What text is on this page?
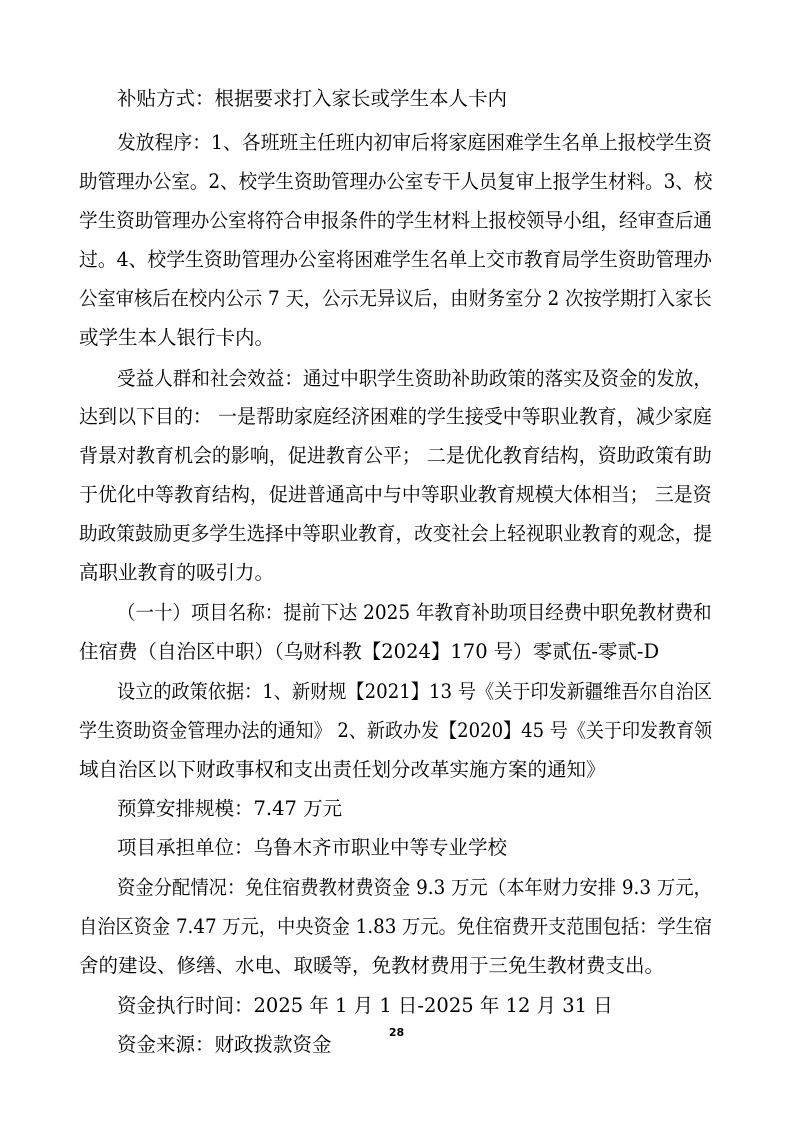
补贴方式：根据要求打入家长或学生本人卡内
发放程序：1、各班班主任班内初审后将家庭困难学生名单上报校学生资
助管理办公室。2、校学生资助管理办公室专干人员复审上报学生材料。3、校
学生资助管理办公室将符合申报条件的学生材料上报校领导小组，经审查后通
过。4、校学生资助管理办公室将困难学生名单上交市教育局学生资助管理办
公室审核后在校内公示 7 天，公示无异议后，由财务室分 2 次按学期打入家长
或学生本人银行卡内。
受益人群和社会效益：通过中职学生资助补助政策的落实及资金的发放，
达到以下目的： 一是帮助家庭经济困难的学生接受中等职业教育，减少家庭
背景对教育机会的影响，促进教育公平； 二是优化教育结构，资助政策有助
于优化中等教育结构，促进普通高中与中等职业教育规模大体相当； 三是资
助政策鼓励更多学生选择中等职业教育，改变社会上轻视职业教育的观念，提
高职业教育的吸引力。
（一十）项目名称：提前下达 2025 年教育补助项目经费中职免教材费和
住宿费（自治区中职）（乌财科教【2024】170 号）零贰伍-零贰-D
设立的政策依据：1、新财规【2021】13 号《关于印发新疆维吾尔自治区
学生资助资金管理办法的通知》 2、新政办发【2020】45 号《关于印发教育领
域自治区以下财政事权和支出责任划分改革实施方案的通知》
预算安排规模：7.47 万元
项目承担单位：乌鲁木齐市职业中等专业学校
资金分配情况：免住宿费教材费资金 9.3 万元（本年财力安排 9.3 万元，
自治区资金 7.47 万元，中央资金 1.83 万元。免住宿费开支范围包括：学生宿
舍的建设、修缮、水电、取暖等，免教材费用于三免生教材费支出。
资金执行时间：2025 年 1 月 1 日-2025 年 12 月 31 日
资金来源：财政拨款资金
28
